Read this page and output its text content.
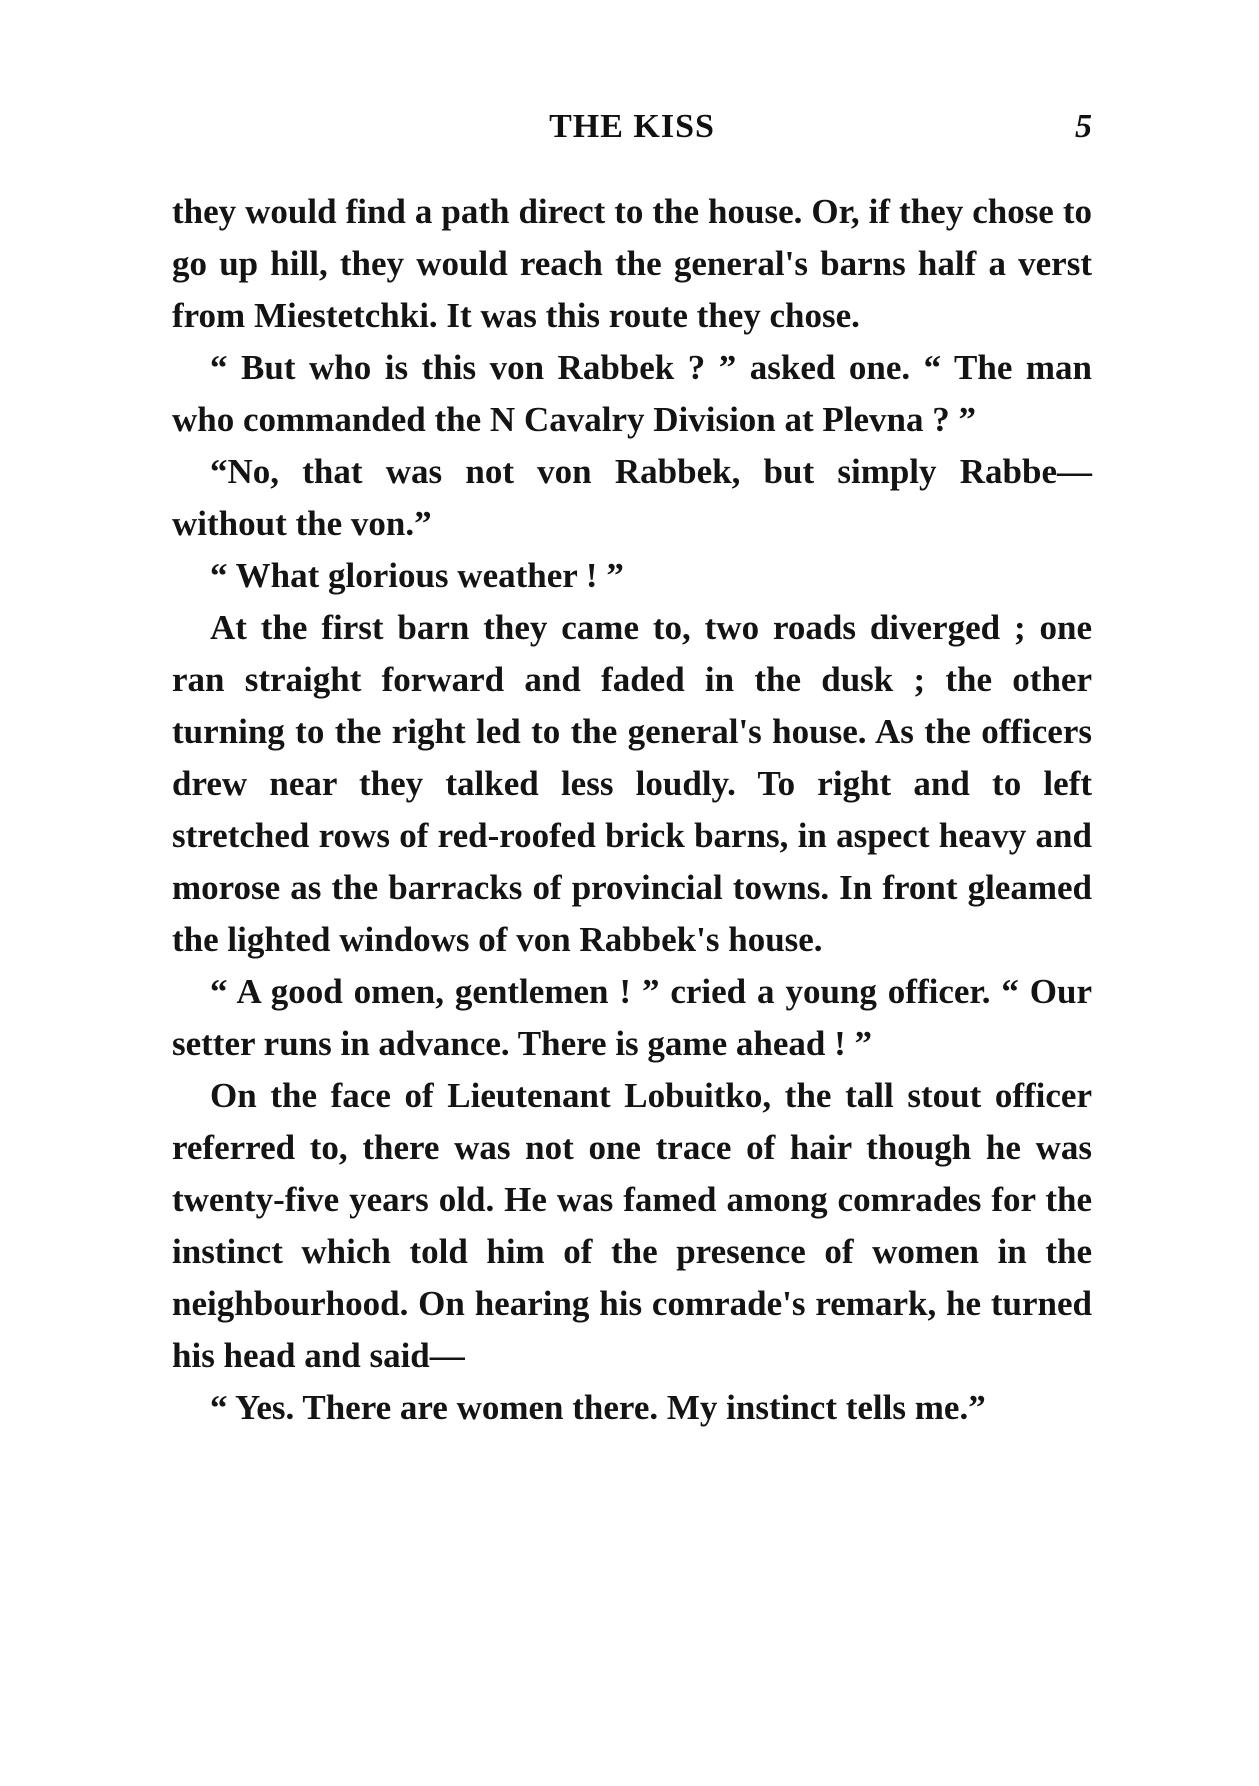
THE KISS	5

they would find a path direct to the house. Or, if they chose to go up hill, they would reach the general's barns half a verst from Miestetchki. It was this route they chose.

“ But who is this von Rabbek ? ” asked one. “ The man who commanded the N Cavalry Division at Plevna ? ”

“No, that was not von Rabbek, but simply Rabbe— without the von.”

“ What glorious weather ! ”

At the first barn they came to, two roads diverged ; one ran straight forward and faded in the dusk ; the other turning to the right led to the general's house. As the officers drew near they talked less loudly. To right and to left stretched rows of red-roofed brick barns, in aspect heavy and morose as the barracks of provincial towns. In front gleamed the lighted windows of von Rabbek's house.

“ A good omen, gentlemen ! ” cried a young officer. “ Our setter runs in advance. There is game ahead ! ”

On the face of Lieutenant Lobuitko, the tall stout officer referred to, there was not one trace of hair though he was twenty-five years old. He was famed among comrades for the instinct which told him of the presence of women in the neighbourhood. On hearing his comrade's remark, he turned his head and said—

“ Yes. There are women there. My instinct tells me.”
